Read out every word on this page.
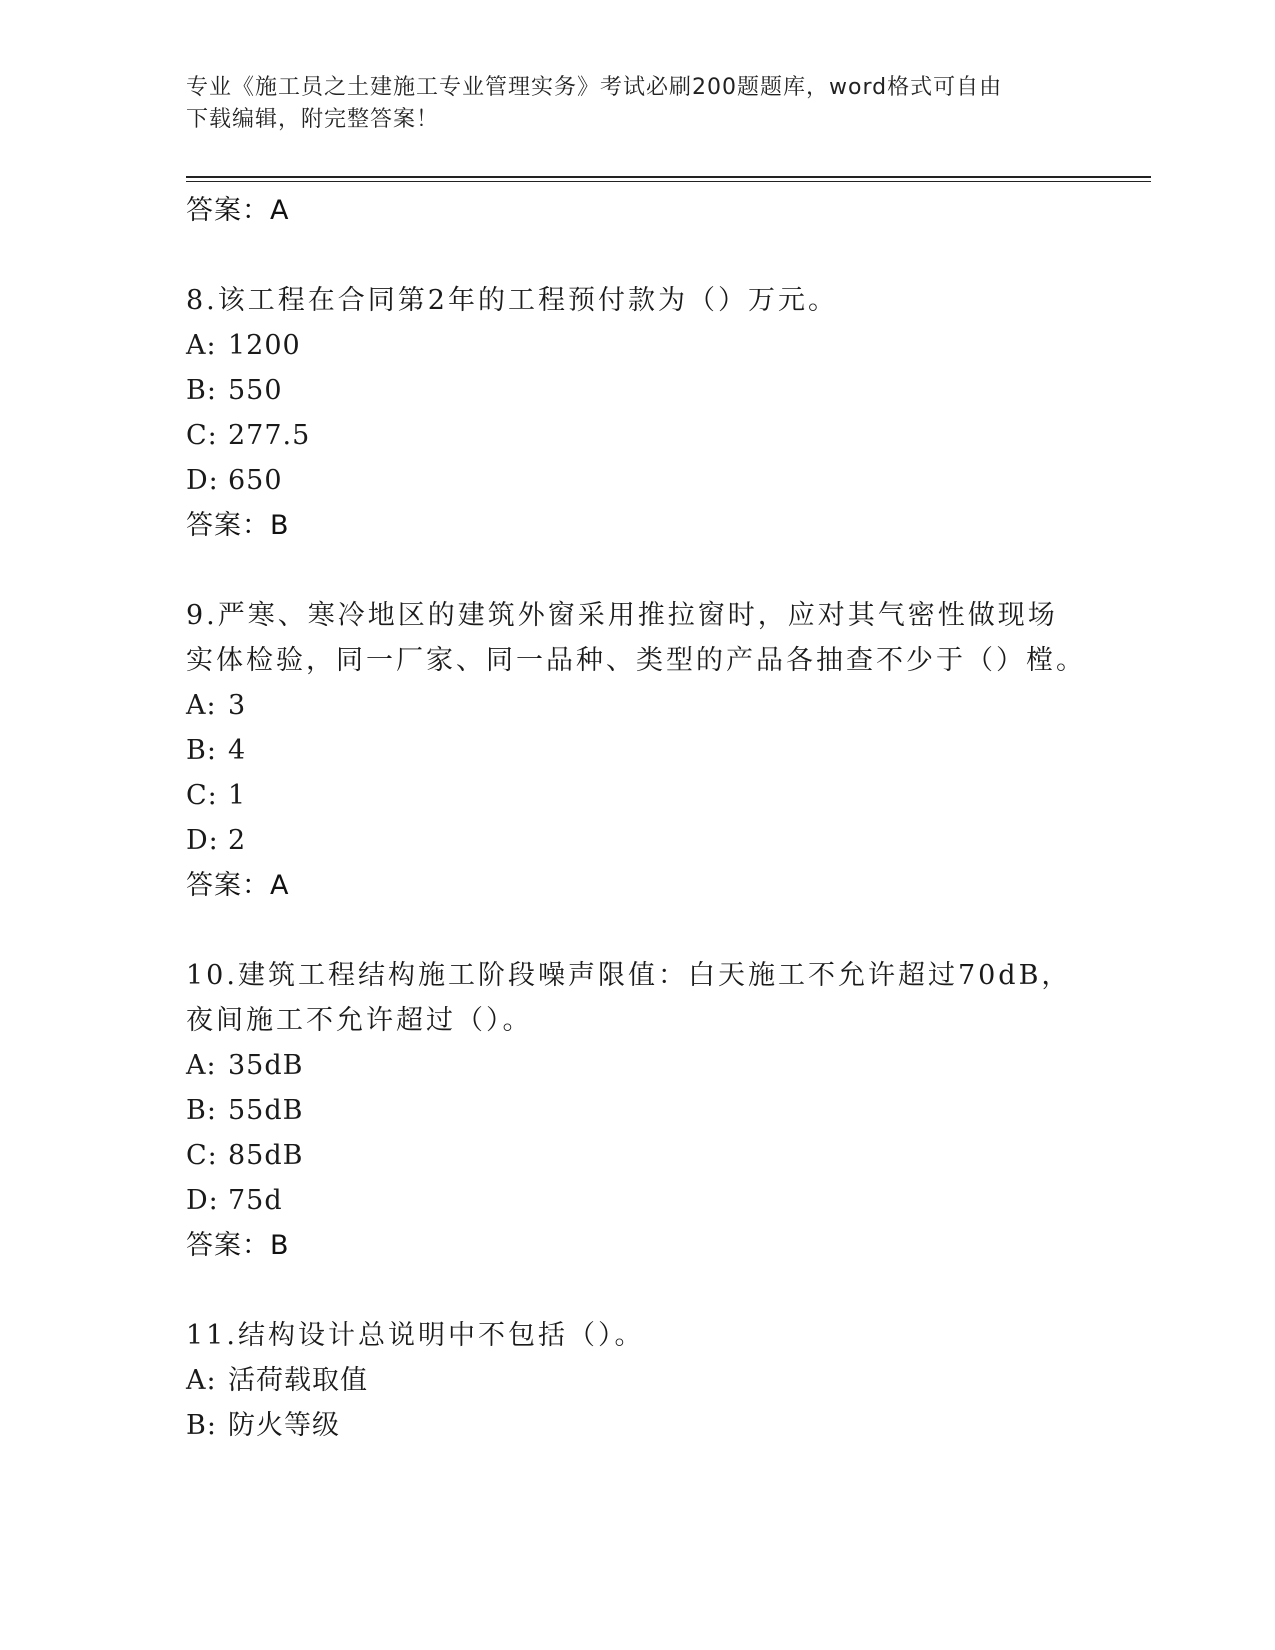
专业《施工员之土建施工专业管理实务》考试必刷200题题库，word格式可自由
下载编辑，附完整答案！
答案：A
8.该工程在合同第2年的工程预付款为（）万元。
A: 1200
B: 550
C: 277.5
D: 650
答案：B
9.严寒、寒冷地区的建筑外窗采用推拉窗时，应对其气密性做现场实体检验，同一厂家、同一品种、类型的产品各抽查不少于（）樘。
A: 3
B: 4
C: 1
D: 2
答案：A
10.建筑工程结构施工阶段噪声限值：白天施工不允许超过70dB，夜间施工不允许超过（）。
A: 35dB
B: 55dB
C: 85dB
D: 75d
答案：B
11.结构设计总说明中不包括（）。
A: 活荷载取值
B: 防火等级
